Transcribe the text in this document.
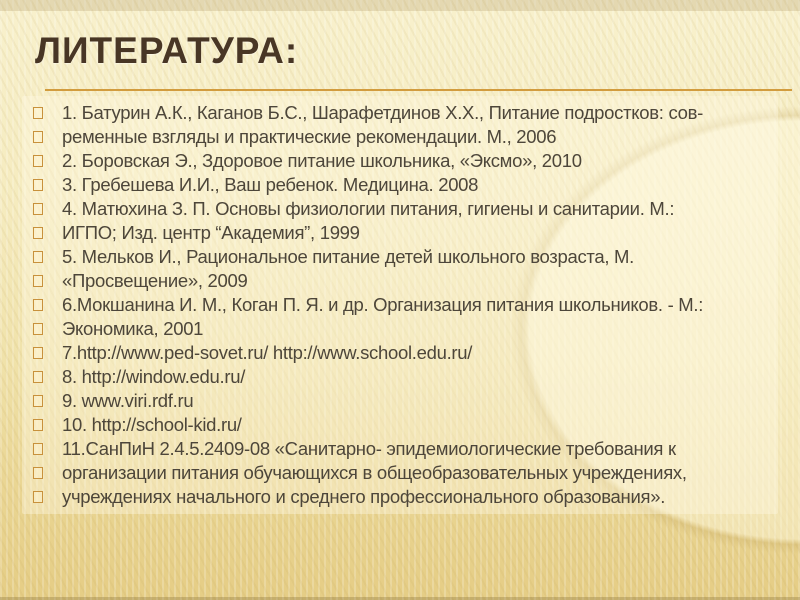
ЛИТЕРАТУРА:
1. Батурин А.К., Каганов Б.С., Шарафетдинов Х.Х., Питание подростков: сов-
ременные взгляды и практические рекомендации. М., 2006
2. Боровская Э., Здоровое питание школьника, «Эксмо», 2010
3. Гребешева И.И., Ваш ребенок. Медицина. 2008
4. Матюхина З. П. Основы физиологии питания, гигиены и санитарии. М.:
ИГПО; Изд. центр “Академия”, 1999
5. Мельков И., Рациональное питание детей школьного возраста, М.
«Просвещение», 2009
6.Мокшанина И. М., Коган П. Я. и др. Организация питания школьников. - М.:
Экономика, 2001
7.http://www.ped-sovet.ru/ http://www.school.edu.ru/
8. http://window.edu.ru/
9. www.viri.rdf.ru
10. http://school-kid.ru/
11.СанПиН 2.4.5.2409-08 «Санитарно- эпидемиологические требования к
организации питания обучающихся в общеобразовательных учреждениях,
учреждениях начального и среднего профессионального образования».
